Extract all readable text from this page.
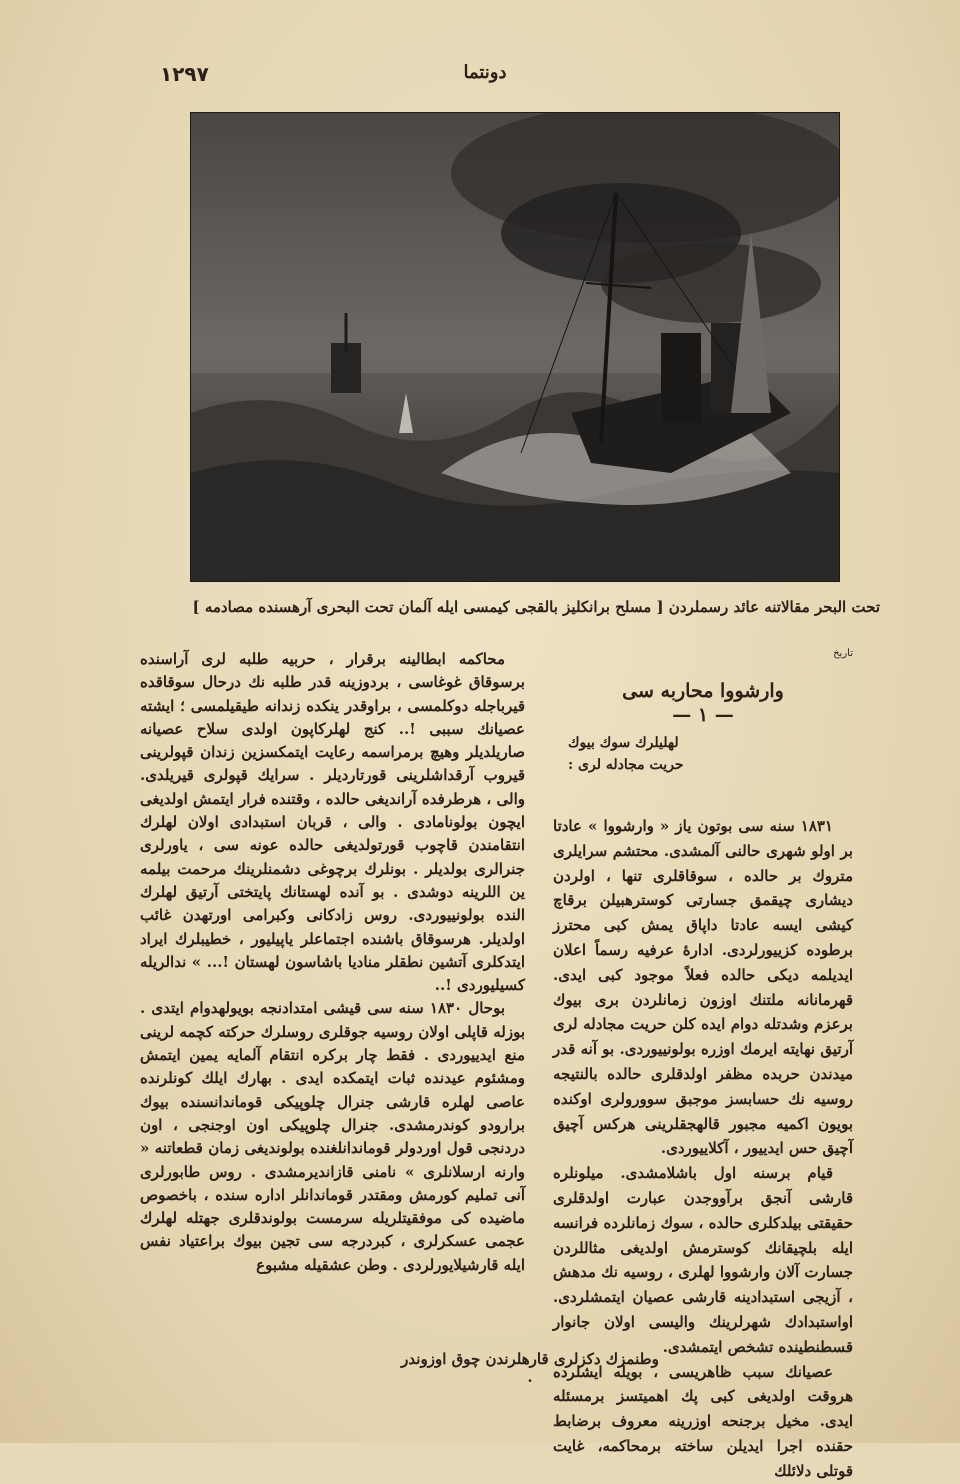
دونتما
۱۲۹۷
تحت البحر مقالاتنه عائد رسملردن [ مسلح برانكليز بالقجی كیمسی ایله آلمان تحت البحری آرهسنده مصادمه ]
تاریخ
وارشووا محاربه سی
— ۱ —
لهلیلرك سوك بیوك
حریت مجادله لری :

۱۸۳۱ سنه سی بوتون یاز « وارشووا » عادتا بر اولو شهری حالنی آلمشدی. محتشم سرایلری متروك بر حالده ، سوقاقلری تنها ، اولردن دیشاری چیقمق جسارتی کوسترهبیلن برقاچ کیشی ایسه عادتا داپاق یمش کبی محترز برطوده کزییورلردی. ادارهٔ عرفیه رسماً اعلان ایدیلمه دیکی حالده فعلاً موجود کبی ایدی. قهرمانانه ملتنك اوزون زمانلردن بری بیوك برعزم وشدتله دوام ایده كلن حریت مجادله لری آرتیق نهایته ایرمك اوزره بولونییوردی. بو آنه قدر میدندن حربده مظفر اولدقلری حالده بالنتیجه روسیه نك حسابسز موجبق سوورولری اوکنده بویون اکمیه مجبور قالهجقلرینی هرکس آچیق آچیق حس ایدییور ، آکلاییوردی.

قیام برسنه اول باشلامشدی. میلونلره قارشی آنجق برآووجدن عبارت اولدقلری حقیقتی بیلدکلری حالده ، سوك زمانلرده فرانسه ایله بلچیقانك کوسترمش اولدیغی مثاللردن جسارت آلان وارشووا لهلری ، روسیه نك مدهش ، آزیجی استبدادینه قارشی عصیان ایتمشلردی. اواستبدادك شهرلرینك والیسی اولان جانوار قسطنطینده تشخص ایتمشدی.

عصیانك سبب ظاهریسی ، بویله ایشلرده هروقت اولدیغی کبی پك اهمیتسز برمسئله ایدی. مخیل برجنحه اوزرینه معروف برضابط حقنده اجرا ایدیلن ساخته برمحاکمه، غایت قوتلی دلائلك

محاکمه ابطالینه برقرار ، حربیه طلبه لری آراسنده برسوقاق غوغاسی ، بردوزینه قدر طلبه نك درحال سوقاقده قیرباجله دوکلمسی ، براوقدر ینکده زندانه طیقیلمسی ؛ ایشته عصیانك سببی !.. کنج لهلرکاپون اولدی سلاح عصیانه صاریلدیلر وهیچ برمراسمه رعایت ایتمکسزین زندان قپولرینی قیروب آرقداشلرینی قورتاردیلر . سرایك قپولری قیریلدی. والی ، هرطرفده آراندیغی حالده ، وقتنده فرار ایتمش اولدیغی ایچون بولونامادی . والی ، قربان استبدادی اولان لهلرك انتقامندن قاچوب قورتولدیغی حالده عونه سی ، یاورلری جنرالری بولدیلر . بونلرك برچوغی دشمنلرینك مرحمت بیلمه ین اللرینه دوشدی . بو آنده لهستانك پایتختی آرتیق لهلرك النده بولونییوردی. روس زادکانی وکبرامی اورتهدن غائب اولدیلر. هرسوقاق باشنده اجتماعلر یاپیلیور ، خطیبلرك ایراد ایتدکلری آتشین نطقلر منادیا باشاسون لهستان !... » ندالریله کسیلیوردی !..

بوحال ۱۸۳۰ سنه سی قیشی امتدادنجه بویولهدوام ایتدی . بوزله قاپلی اولان روسیه جوقلری روسلرك حرکته کچمه لرینی منع ایدییوردی . فقط چار برکره انتقام آلمایه یمین ایتمش ومشئوم عیدنده ثبات ایتمکده ایدی . بهارك ایلك کونلرنده عاصی لهلره قارشی جنرال چلوپیکی قوماندانسنده بیوك برارودو کوندرمشدی. جنرال چلوپیکی اون اوجنجی ، اون دردنجی قول اوردولر قوماندانلغنده بولوندیغی زمان قطعاتنه « وارنه ارسلانلری » نامنی قازاندیرمشدی . روس طابورلری آنی تملیم کورمش ومقتدر قوماندانلر اداره سنده ، باخصوص ماضیده کی موفقیتلریله سرمست بولوندقلری جهتله لهلرك عجمی عسکرلری ، کبردرجه سی تجین بیوك براعتیاد نفس ایله قارشیلایورلردی . وطن عشقیله مشبوع

وطنمزك دکزلری قارهلرندن چوق اوزوندر .
